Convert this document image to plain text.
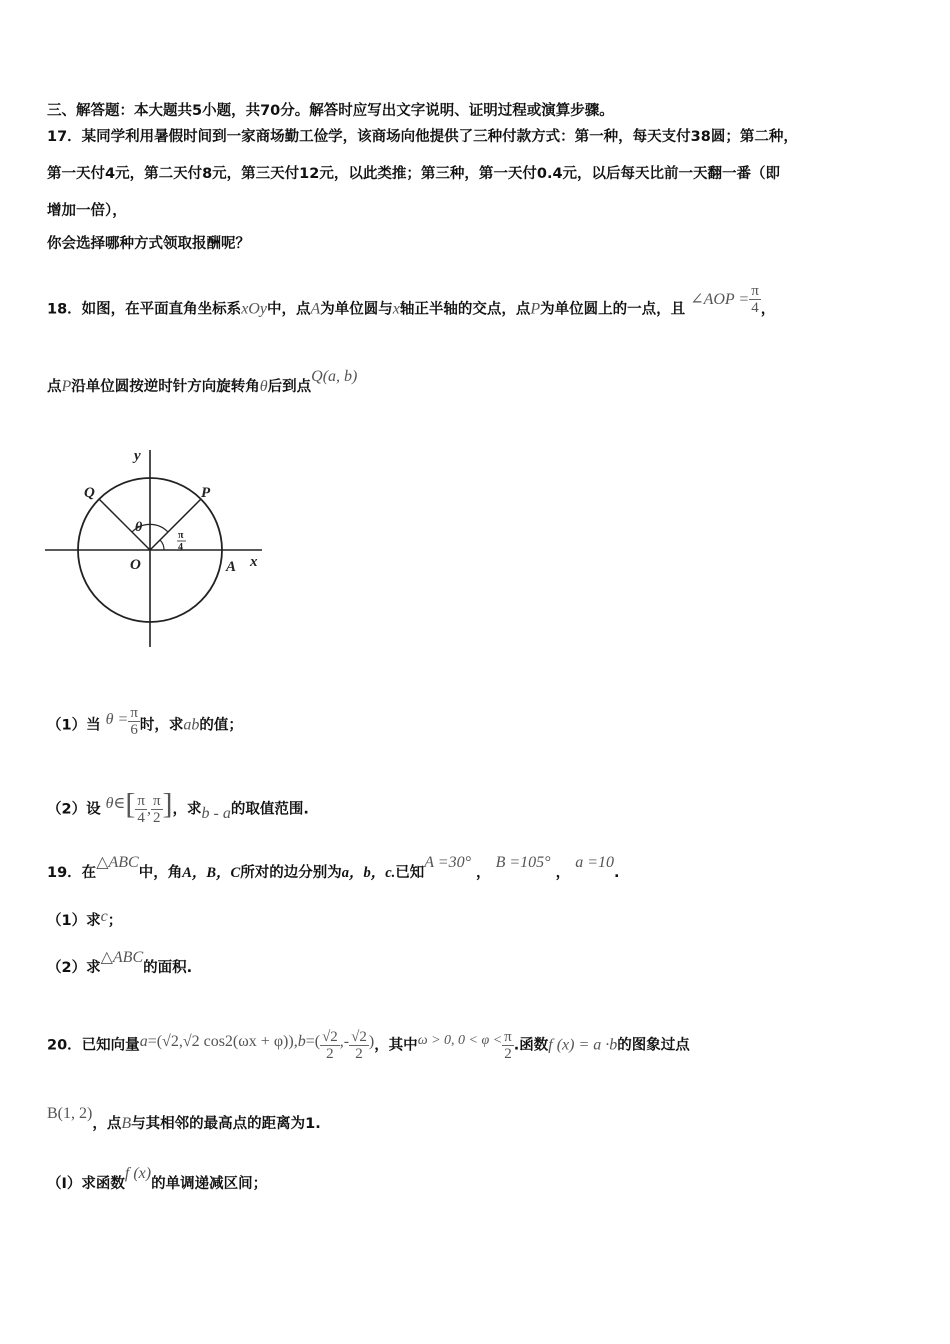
三、解答题：本大题共5小题，共70分。解答时应写出文字说明、证明过程或演算步骤。
17．某同学利用暑假时间到一家商场勤工俭学，该商场向他提供了三种付款方式：第一种，每天支付38圆；第二种，
第一天付4元，第二天付8元，第三天付12元，以此类推；第三种，第一天付0.4元，以后每天比前一天翻一番（即
增加一倍），
你会选择哪种方式领取报酬呢？
18．如图，在平面直角坐标系xOy中，点A为单位圆与x轴正半轴的交点，点P为单位圆上的一点，且 ∠AOP = $\frac{\pi}{4}$ ，
点P沿单位圆按逆时针方向旋转角θ后到点Q(a, b)
y
x
O	A
P
Q
θ
π
4
（1）当 $\theta = \frac{\pi}{6}$ 时，求ab的值；
（2）设 θ∈[ $\frac{\pi}{4}$ , $\frac{\pi}{2}$ ]，求b - a的取值范围.
19．在△ABC中，角A，B，C所对的边分别为a，b，c.已知A =30° ， B =105° ， a =10.
（1）求c；
（2）求△ABC的面积.
20．已知向量a=(√2,√2 $\cos 2(\omega x + \varphi)),b=( \frac{√2}{2}$ ,- $\frac{√2}{2}$ )，其中ω > 0, $0 < \varphi < \frac{\pi}{2}$ .函数f (x) = a ·b的图象过点
B(1, 2)，点B与其相邻的最高点的距离为1.
（Ⅰ）求函数f (x)的单调递减区间；
